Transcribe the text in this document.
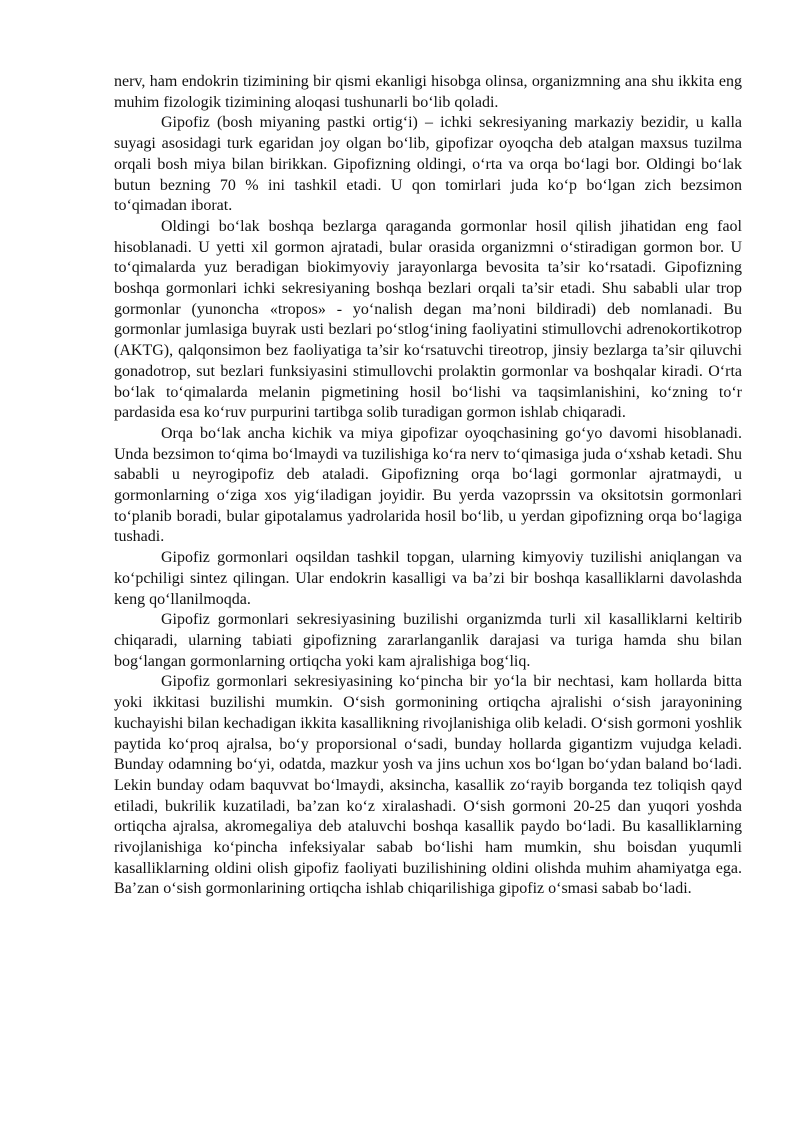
nerv, ham endokrin tizimining bir qismi ekanligi hisobga olinsa, organizmning ana shu ikkita eng muhim fizologik tizimining aloqasi tushunarli bo‘lib qoladi.

Gipofiz (bosh miyaning pastki ortig‘i) – ichki sekresiyaning markaziy bezidir, u kalla suyagi asosidagi turk egaridan joy olgan bo‘lib, gipofizar oyoqcha deb atalgan maxsus tuzilma orqali bosh miya bilan birikkan. Gipofizning oldingi, o‘rta va orqa bo‘lagi bor. Oldingi bo‘lak butun bezning 70 % ini tashkil etadi. U qon tomirlari juda ko‘p bo‘lgan zich bezsimon to‘qimadan iborat.

Oldingi bo‘lak boshqa bezlarga qaraganda gormonlar hosil qilish jihatidan eng faol hisoblanadi. U yetti xil gormon ajratadi, bular orasida organizmni o‘stiradigan gormon bor. U to‘qimalarda yuz beradigan biokimyoviy jarayonlarga bevosita ta’sir ko‘rsatadi. Gipofizning boshqa gormonlari ichki sekresiyaning boshqa bezlari orqali ta’sir etadi. Shu sababli ular trop gormonlar (yunoncha «tropos» - yo‘nalish degan ma’noni bildiradi) deb nomlanadi. Bu gormonlar jumlasiga buyrak usti bezlari po‘stlog‘ining faoliyatini stimullovchi adrenokortikotrop (AKTG), qalqonsimon bez faoliyatiga ta’sir ko‘rsatuvchi tireotrop, jinsiy bezlarga ta’sir qiluvchi gonadotrop, sut bezlari funksiyasini stimullovchi prolaktin gormonlar va boshqalar kiradi. O‘rta bo‘lak to‘qimalarda melanin pigmetining hosil bo‘lishi va taqsimlanishini, ko‘zning to‘r pardasida esa ko‘ruv purpurini tartibga solib turadigan gormon ishlab chiqaradi.

Orqa bo‘lak ancha kichik va miya gipofizar oyoqchasining go‘yo davomi hisoblanadi. Unda bezsimon to‘qima bo‘lmaydi va tuzilishiga ko‘ra nerv to‘qimasiga juda o‘xshab ketadi. Shu sababli u neyrogipofiz deb ataladi. Gipofizning orqa bo‘lagi gormonlar ajratmaydi, u gormonlarning o‘ziga xos yig‘iladigan joyidir. Bu yerda vazoprssin va oksitotsin gormonlari to‘planib boradi, bular gipotalamus yadrolarida hosil bo‘lib, u yerdan gipofizning orqa bo‘lagiga tushadi.

Gipofiz gormonlari oqsildan tashkil topgan, ularning kimyoviy tuzilishi aniqlangan va ko‘pchiligi sintez qilingan. Ular endokrin kasalligi va ba’zi bir boshqa kasalliklarni davolashda keng qo‘llanilmoqda.

Gipofiz gormonlari sekresiyasining buzilishi organizmda turli xil kasalliklarni keltirib chiqaradi, ularning tabiati gipofizning zararlanganlik darajasi va turiga hamda shu bilan bog‘langan gormonlarning ortiqcha yoki kam ajralishiga bog‘liq.

Gipofiz gormonlari sekresiyasining ko‘pincha bir yo‘la bir nechtasi, kam hollarda bitta yoki ikkitasi buzilishi mumkin. O‘sish gormonining ortiqcha ajralishi o‘sish jarayonining kuchayishi bilan kechadigan ikkita kasallikning rivojlanishiga olib keladi. O‘sish gormoni yoshlik paytida ko‘proq ajralsa, bo‘y proporsional o‘sadi, bunday hollarda gigantizm vujudga keladi. Bunday odamning bo‘yi, odatda, mazkur yosh va jins uchun xos bo‘lgan bo‘ydan baland bo‘ladi. Lekin bunday odam baquvvat bo‘lmaydi, aksincha, kasallik zo‘rayib borganda tez toliqish qayd etiladi, bukrilik kuzatiladi, ba’zan ko‘z xiralashadi. O‘sish gormoni 20-25 dan yuqori yoshda ortiqcha ajralsa, akromegaliya deb ataluvchi boshqa kasallik paydo bo‘ladi. Bu kasalliklarning rivojlanishiga ko‘pincha infeksiyalar sabab bo‘lishi ham mumkin, shu boisdan yuqumli kasalliklarning oldini olish gipofiz faoliyati buzilishining oldini olishda muhim ahamiyatga ega. Ba’zan o‘sish gormonlarining ortiqcha ishlab chiqarilishiga gipofiz o‘smasi sabab bo‘ladi.
